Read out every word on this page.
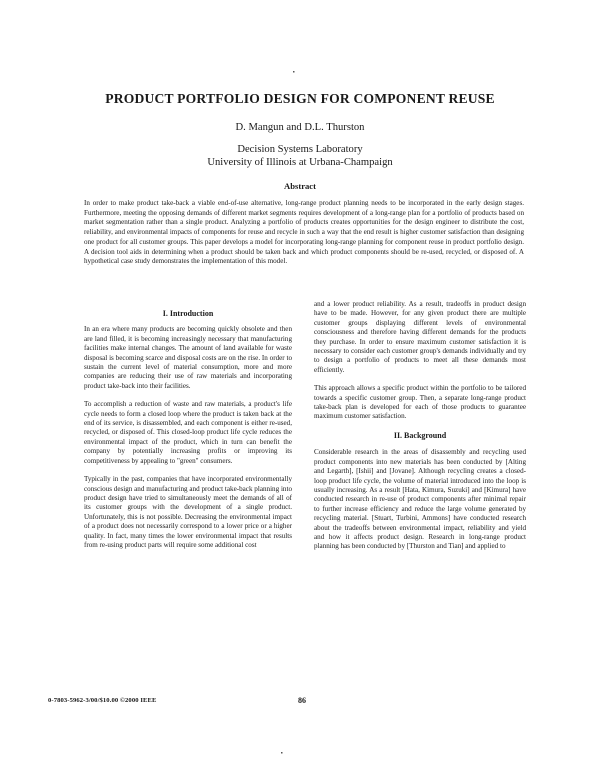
PRODUCT PORTFOLIO DESIGN FOR COMPONENT REUSE
D. Mangun and D.L. Thurston
Decision Systems Laboratory
University of Illinois at Urbana-Champaign
Abstract

In order to make product take-back a viable end-of-use alternative, long-range product planning needs to be incorporated in the early design stages. Furthermore, meeting the opposing demands of different market segments requires development of a long-range plan for a portfolio of products based on market segmentation rather than a single product. Analyzing a portfolio of products creates opportunities for the design engineer to distribute the cost, reliability, and environmental impacts of components for reuse and recycle in such a way that the end result is higher customer satisfaction than designing one product for all customer groups. This paper develops a model for incorporating long-range planning for component reuse in product portfolio design. A decision tool aids in determining when a product should be taken back and which product components should be re-used, recycled, or disposed of. A hypothetical case study demonstrates the implementation of this model.

I. Introduction

In an era where many products are becoming quickly obsolete and then are land filled, it is becoming increasingly necessary that manufacturing facilities make internal changes. The amount of land available for waste disposal is becoming scarce and disposal costs are on the rise. In order to sustain the current level of material consumption, more and more companies are reducing their use of raw materials and incorporating product take-back into their facilities.

To accomplish a reduction of waste and raw materials, a product's life cycle needs to form a closed loop where the product is taken back at the end of its service, is disassembled, and each component is either re-used, recycled, or disposed of. This closed-loop product life cycle reduces the environmental impact of the product, which in turn can benefit the company by potentially increasing profits or improving its competitiveness by appealing to "green" consumers.

Typically in the past, companies that have incorporated environmentally conscious design and manufacturing and product take-back planning into product design have tried to simultaneously meet the demands of all of its customer groups with the development of a single product. Unfortunately, this is not possible. Decreasing the environmental impact of a product does not necessarily correspond to a lower price or a higher quality. In fact, many times the lower environmental impact that results from re-using product parts will require some additional cost

and a lower product reliability. As a result, tradeoffs in product design have to be made. However, for any given product there are multiple customer groups displaying different levels of environmental consciousness and therefore having different demands for the products they purchase. In order to ensure maximum customer satisfaction it is necessary to consider each customer group's demands individually and try to design a portfolio of products to meet all these demands most efficiently.

This approach allows a specific product within the portfolio to be tailored towards a specific customer group. Then, a separate long-range product take-back plan is developed for each of those products to guarantee maximum customer satisfaction.

II. Background

Considerable research in the areas of disassembly and recycling used product components into new materials has been conducted by [Alting and Legarth], [Ishii] and [Jovane]. Although recycling creates a closed-loop product life cycle, the volume of material introduced into the loop is usually increasing. As a result [Hata, Kimura, Suzuki] and [Kimura] have conducted research in re-use of product components after minimal repair to further increase efficiency and reduce the large volume generated by recycling material. [Stuart, Turbini, Ammons] have conducted research about the tradeoffs between environmental impact, reliability and yield and how it affects product design. Research in long-range product planning has been conducted by [Thurston and Tian] and applied to

0-7803-5962-3/00/$10.00 ©2000 IEEE	86
